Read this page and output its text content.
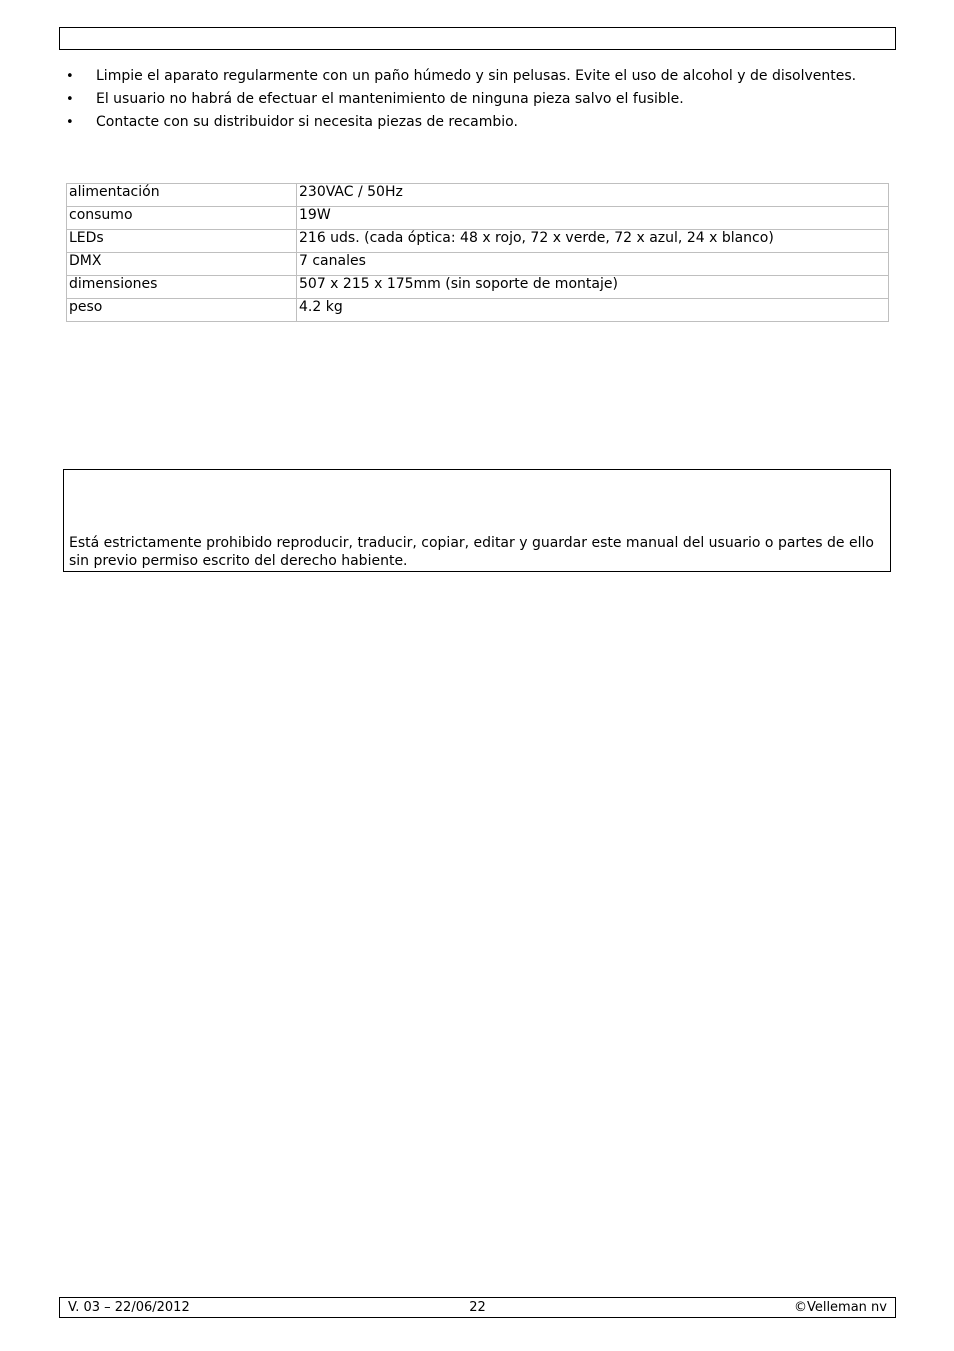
•	Limpie el aparato regularmente con un paño húmedo y sin pelusas. Evite el uso de alcohol y de disolventes.
•	El usuario no habrá de efectuar el mantenimiento de ninguna pieza salvo el fusible.
•	Contacte con su distribuidor si necesita piezas de recambio.
alimentación	230VAC / 50Hz
consumo	19W
LEDs	216 uds. (cada óptica: 48 x rojo, 72 x verde, 72 x azul, 24 x blanco)
DMX	7 canales
dimensiones	507 x 215 x 175mm (sin soporte de montaje)
peso	4.2 kg
Está estrictamente prohibido reproducir, traducir, copiar, editar y guardar este manual del usuario o partes de ello sin previo permiso escrito del derecho habiente.
22
V. 03 – 22/06/2012	©Velleman nv
